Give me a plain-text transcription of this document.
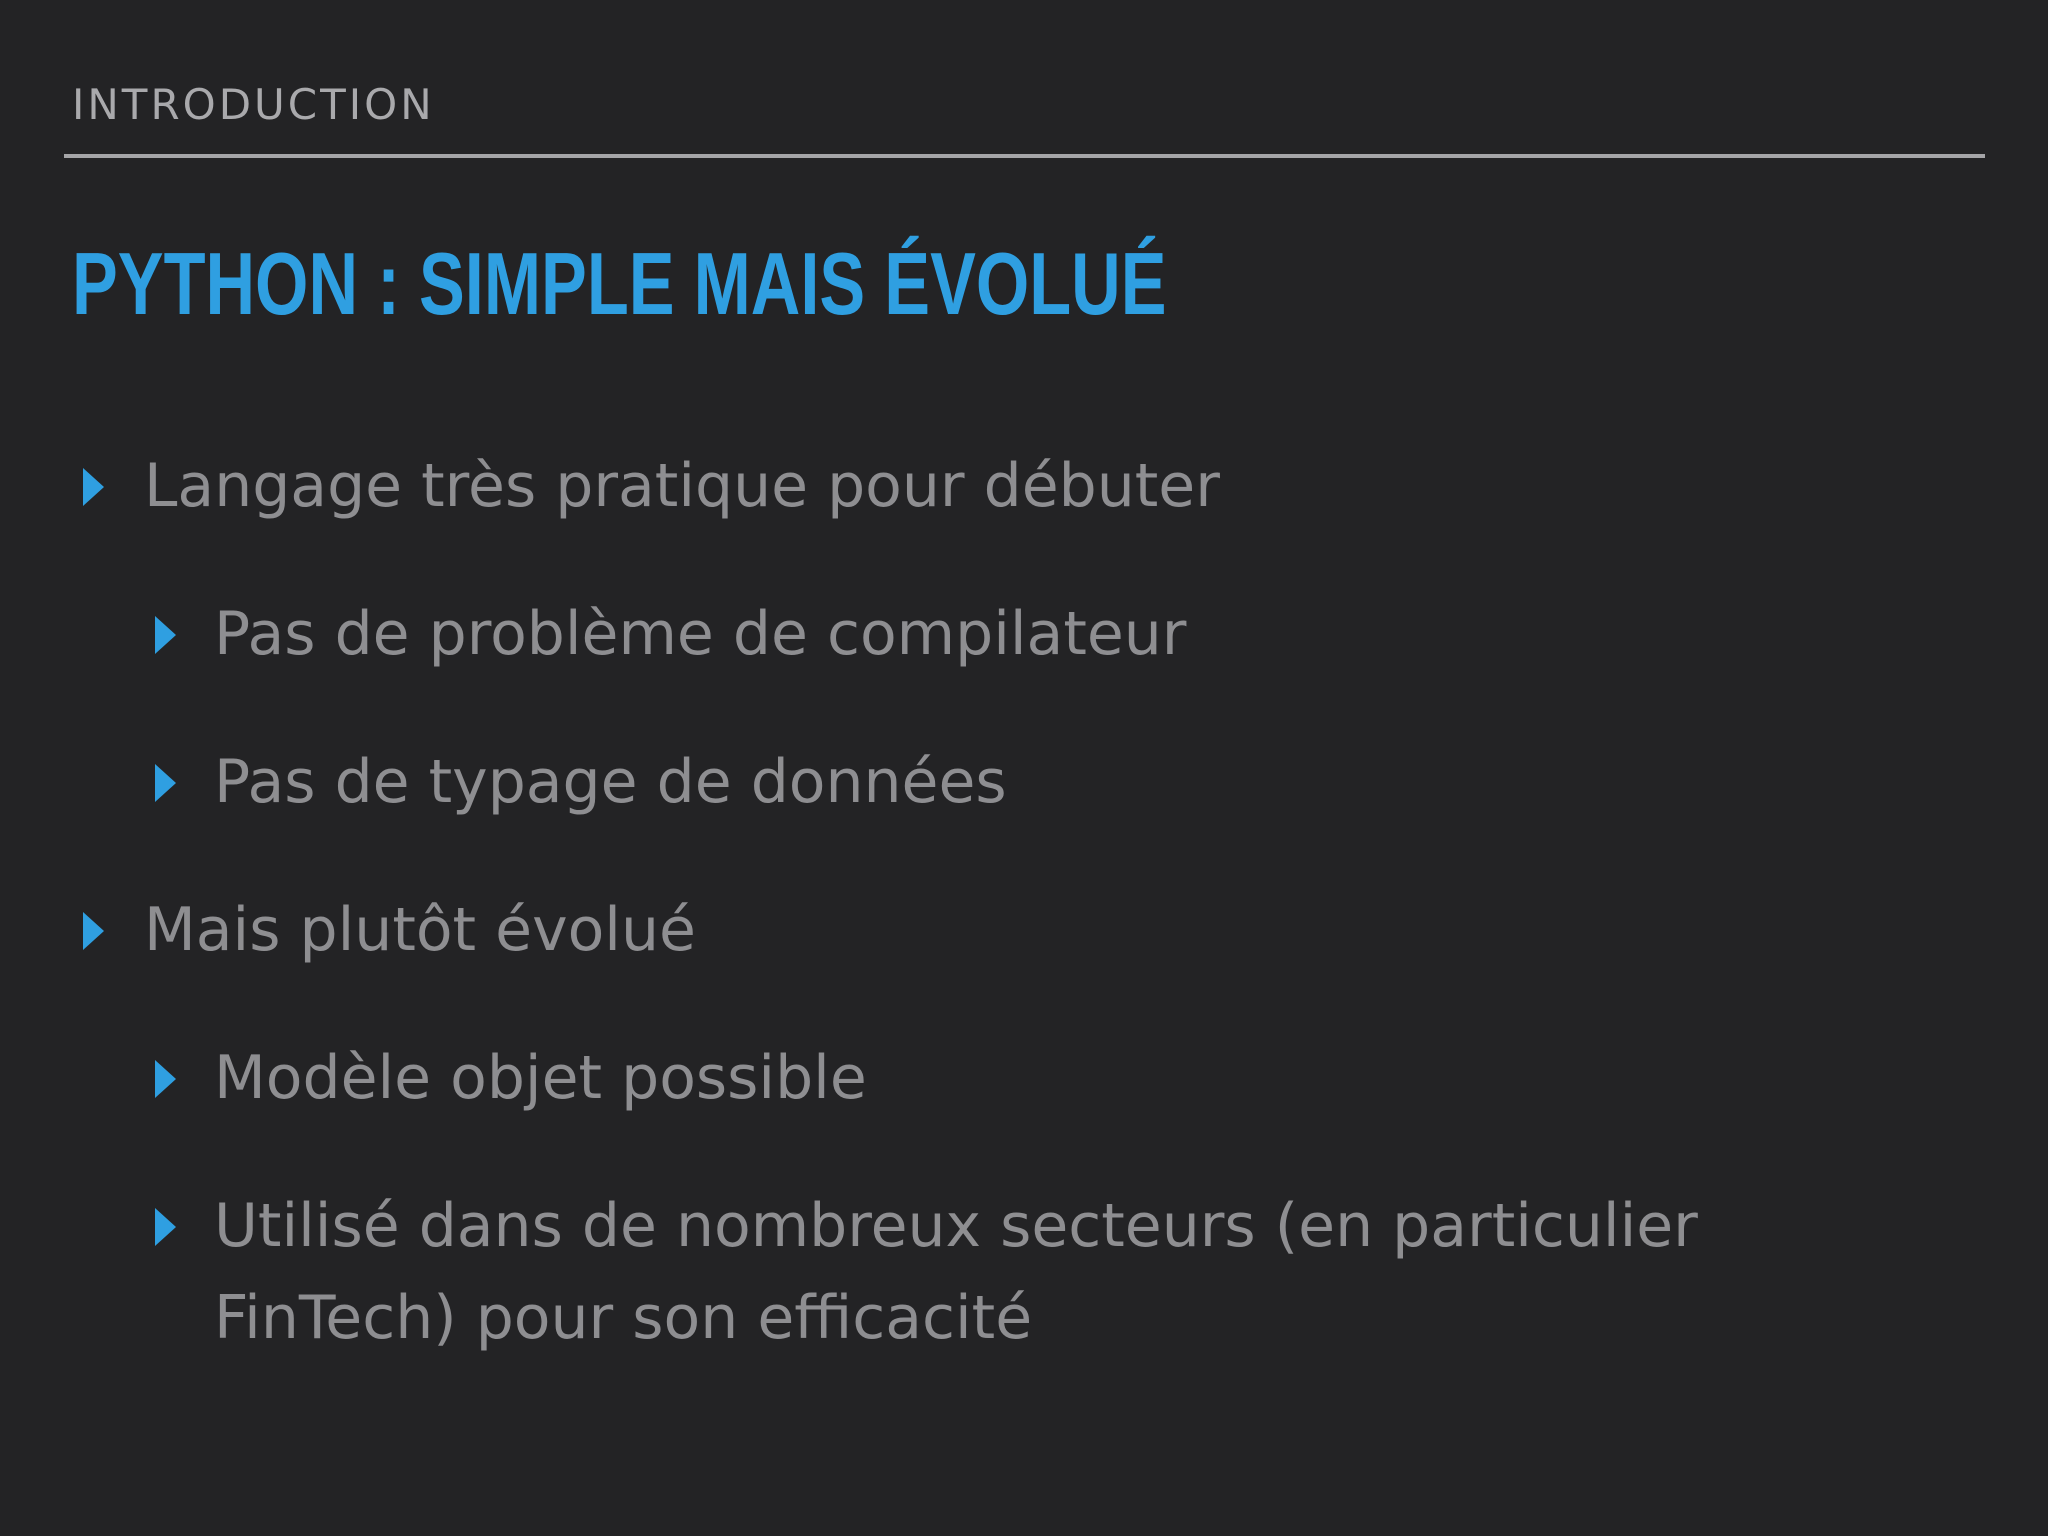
INTRODUCTION
PYTHON : SIMPLE MAIS ÉVOLUÉ
Langage très pratique pour débuter
Pas de problème de compilateur
Pas de typage de données
Mais plutôt évolué
Modèle objet possible
Utilisé dans de nombreux secteurs (en particulier FinTech) pour son efficacité
